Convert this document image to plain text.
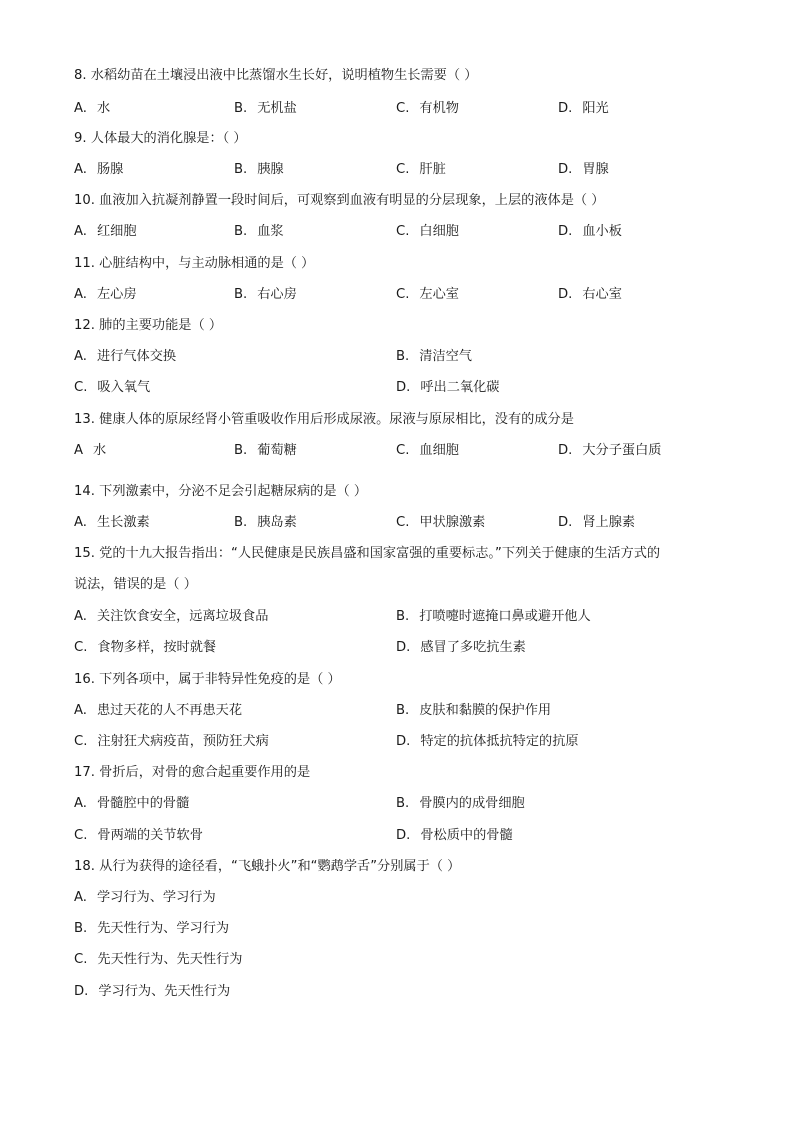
8. 水稻幼苗在土壤浸出液中比蒸馏水生长好，说明植物生长需要（ ）
A. 水	B. 无机盐	C. 有机物	D. 阳光
9. 人体最大的消化腺是：（ ）
A. 肠腺	B. 胰腺	C. 肝脏	D. 胃腺
10. 血液加入抗凝剂静置一段时间后，可观察到血液有明显的分层现象，上层的液体是（ ）
A. 红细胞	B. 血浆	C. 白细胞	D. 血小板
11. 心脏结构中，与主动脉相通的是（ ）
A. 左心房	B. 右心房	C. 左心室	D. 右心室
12. 肺的主要功能是（ ）
A. 进行气体交换	B. 清洁空气
C. 吸入氧气	D. 呼出二氧化碳
13. 健康人体的原尿经肾小管重吸收作用后形成尿液。尿液与原尿相比，没有的成分是
A 水	B. 葡萄糖	C. 血细胞	D. 大分子蛋白质
14. 下列激素中，分泌不足会引起糖尿病的是（ ）
A. 生长激素	B. 胰岛素	C. 甲状腺激素	D. 肾上腺素
15. 党的十九大报告指出：“人民健康是民族昌盛和国家富强的重要标志。”下列关于健康的生活方式的
说法，错误的是（ ）
A. 关注饮食安全，远离垃圾食品	B. 打喷嚏时遮掩口鼻或避开他人
C. 食物多样，按时就餐	D. 感冒了多吃抗生素
16. 下列各项中，属于非特异性免疫的是（ ）
A. 患过天花的人不再患天花	B. 皮肤和黏膜的保护作用
C. 注射狂犬病疫苗，预防狂犬病	D. 特定的抗体抵抗特定的抗原
17. 骨折后，对骨的愈合起重要作用的是
A. 骨髓腔中的骨髓	B. 骨膜内的成骨细胞
C. 骨两端的关节软骨	D. 骨松质中的骨髓
18. 从行为获得的途径看，“飞蛾扑火”和“鹦鹉学舌”分别属于（ ）
A. 学习行为、学习行为
B. 先天性行为、学习行为
C. 先天性行为、先天性行为
D. 学习行为、先天性行为
